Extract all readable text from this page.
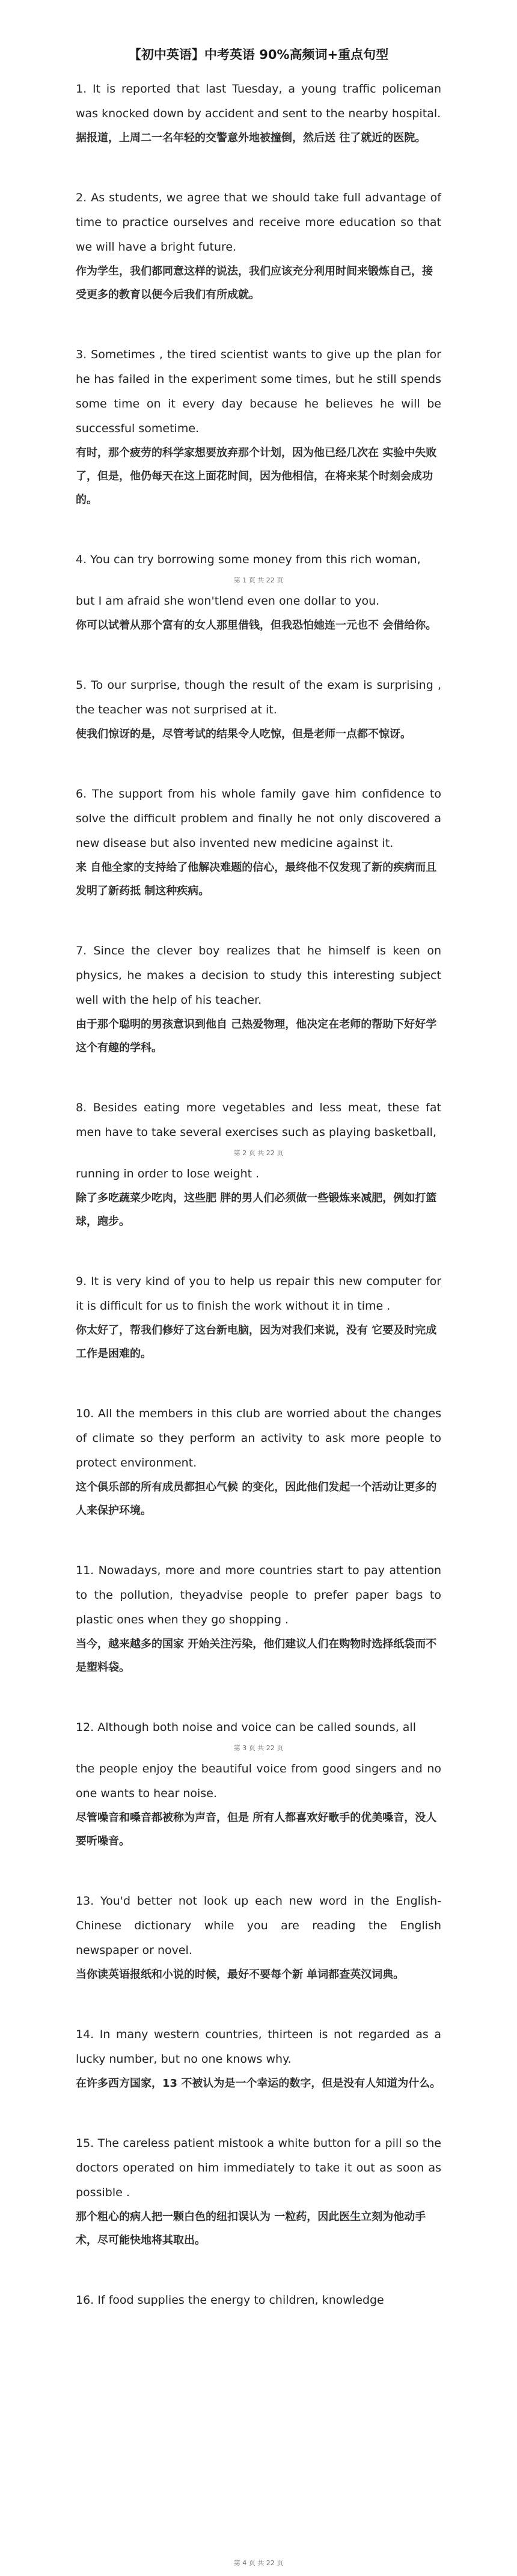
【初中英语】中考英语 90%高频词+重点句型
1. It is reported that last Tuesday, a young traffic policeman was knocked down by accident and sent to the nearby hospital.
据报道，上周二一名年轻的交警意外地被撞倒，然后送 往了就近的医院。
2. As students, we agree that we should take full advantage of time to practice ourselves and receive more education so that we will have a bright future.
作为学生，我们都同意这样的说法，我们应该充分利用时间来锻炼自己，接受更多的教育以便今后我们有所成就。
3. Sometimes , the tired scientist wants to give up the plan for he has failed in the experiment some times, but he still spends some time on it every day because he believes he will be successful sometime.
有时，那个疲劳的科学家想要放弃那个计划，因为他已经几次在 实验中失败了，但是，他仍每天在这上面花时间，因为他相信，在将来某个时刻会成功 的。
4. You can try borrowing some money from this rich woman,
第 1 页 共 22 页
but I am afraid she won'tlend even one dollar to you.
你可以试着从那个富有的女人那里借钱，但我恐怕她连一元也不 会借给你。
5. To our surprise, though the result of the exam is surprising , the teacher was not surprised at it.
使我们惊讶的是，尽管考试的结果令人吃惊，但是老师一点都不惊讶。
6. The support from his whole family gave him confidence to solve the difficult problem and finally he not only discovered a new disease but also invented new medicine against it.
来 自他全家的支持给了他解决难题的信心，最终他不仅发现了新的疾病而且发明了新药抵 制这种疾病。
7. Since the clever boy realizes that he himself is keen on physics, he makes a decision to study this interesting subject well with the help of his teacher.
由于那个聪明的男孩意识到他自 己热爱物理，他决定在老师的帮助下好好学这个有趣的学科。
8. Besides eating more vegetables and less meat, these fat men have to take several exercises such as playing basketball,
第 2 页 共 22 页
running in order to lose weight .
除了多吃蔬菜少吃肉，这些肥 胖的男人们必须做一些锻炼来减肥，例如打篮球，跑步。
9. It is very kind of you to help us repair this new computer for it is difficult for us to finish the work without it in time .
你太好了，帮我们修好了这台新电脑，因为对我们来说，没有 它要及时完成工作是困难的。
10. All the members in this club are worried about the changes of climate so they perform an activity to ask more people to protect environment.
这个俱乐部的所有成员都担心气候 的变化，因此他们发起一个活动让更多的人来保护环境。
11. Nowadays, more and more countries start to pay attention to the pollution, theyadvise people to prefer paper bags to plastic ones when they go shopping .
当今，越来越多的国家 开始关注污染，他们建议人们在购物时选择纸袋而不是塑料袋。
12. Although both noise and voice can be called sounds, all
第 3 页 共 22 页
the people enjoy the beautiful voice from good singers and no one wants to hear noise.
尽管噪音和嗓音都被称为声音，但是 所有人都喜欢好歌手的优美嗓音，没人要听噪音。
13. You'd better not look up each new word in the English-Chinese dictionary while you are reading the English newspaper or novel.
当你读英语报纸和小说的时候，最好不要每个新 单词都查英汉词典。
14. In many western countries, thirteen is not regarded as a lucky number, but no one knows why.
在许多西方国家，13 不被认为是一个幸运的数字，但是没有人知道为什么。
15. The careless patient mistook a white button for a pill so the doctors operated on him immediately to take it out as soon as possible .
那个粗心的病人把一颗白色的纽扣误认为 一粒药，因此医生立刻为他动手术，尽可能快地将其取出。
16. If food supplies the energy to children, knowledge
第 4 页 共 22 页
